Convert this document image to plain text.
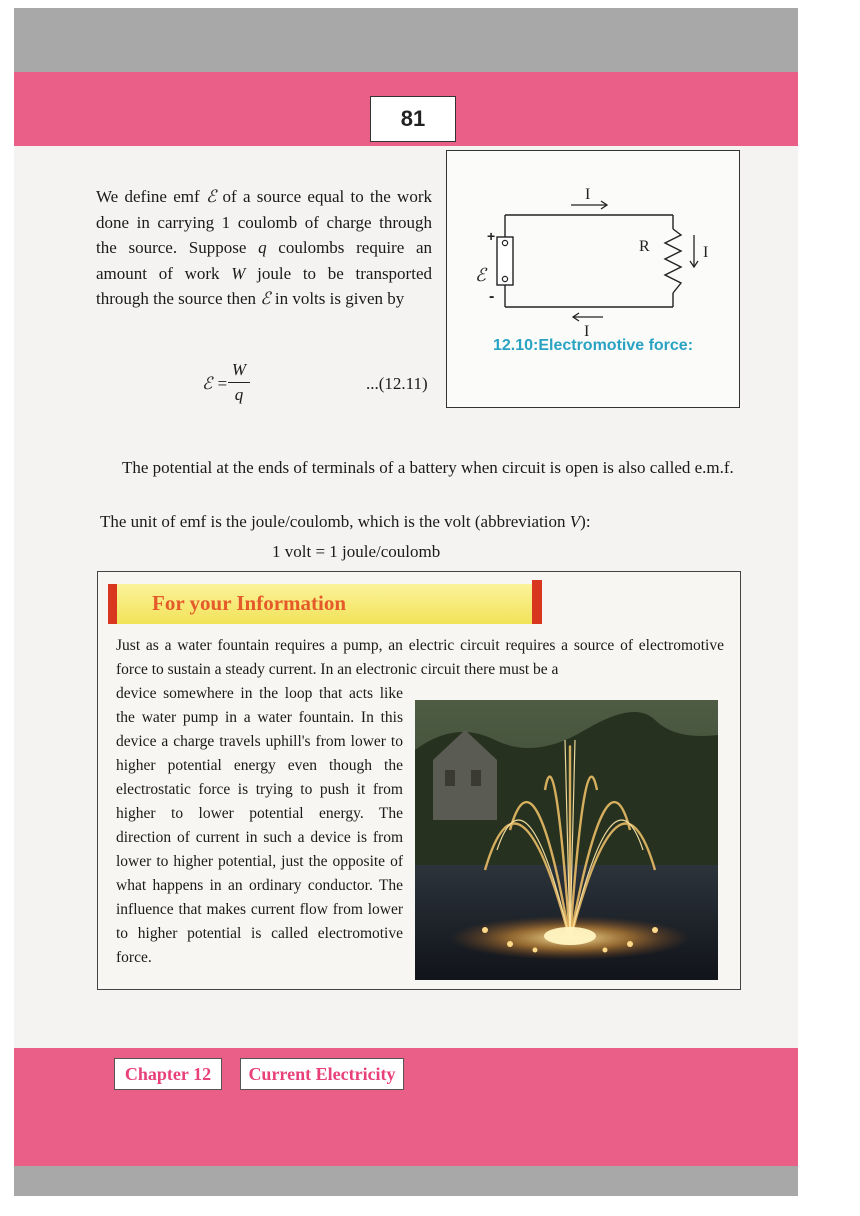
81

We define emf ℰ of a source equal to the work done in carrying 1 coulomb of charge through the source. Suppose q coulombs require an amount of work W joule to be transported through the source then ℰ in volts is given by

ℰ =
W
q
...(12.11)
I
I
I
R
ℰ
+
-
12.10:Electromotive force:

The potential at the ends of terminals of a battery when circuit is open is also called e.m.f.

The unit of emf is the joule/coulomb, which is the volt (abbreviation V):

1 volt = 1 joule/coulomb

For your Information

Just as a water fountain requires a pump, an electric circuit requires a source of electromotive force to sustain a steady current. In an electronic circuit there must be a

device somewhere in the loop that acts like the water pump in a water fountain. In this device a charge travels uphill's from lower to higher potential energy even though the electrostatic force is trying to push it from higher to lower potential energy. The direction of current in such a device is from lower to higher potential, just the opposite of what happens in an ordinary conductor. The influence that makes current flow from lower to higher potential is called electromotive force.

Chapter 12	Current Electricity
